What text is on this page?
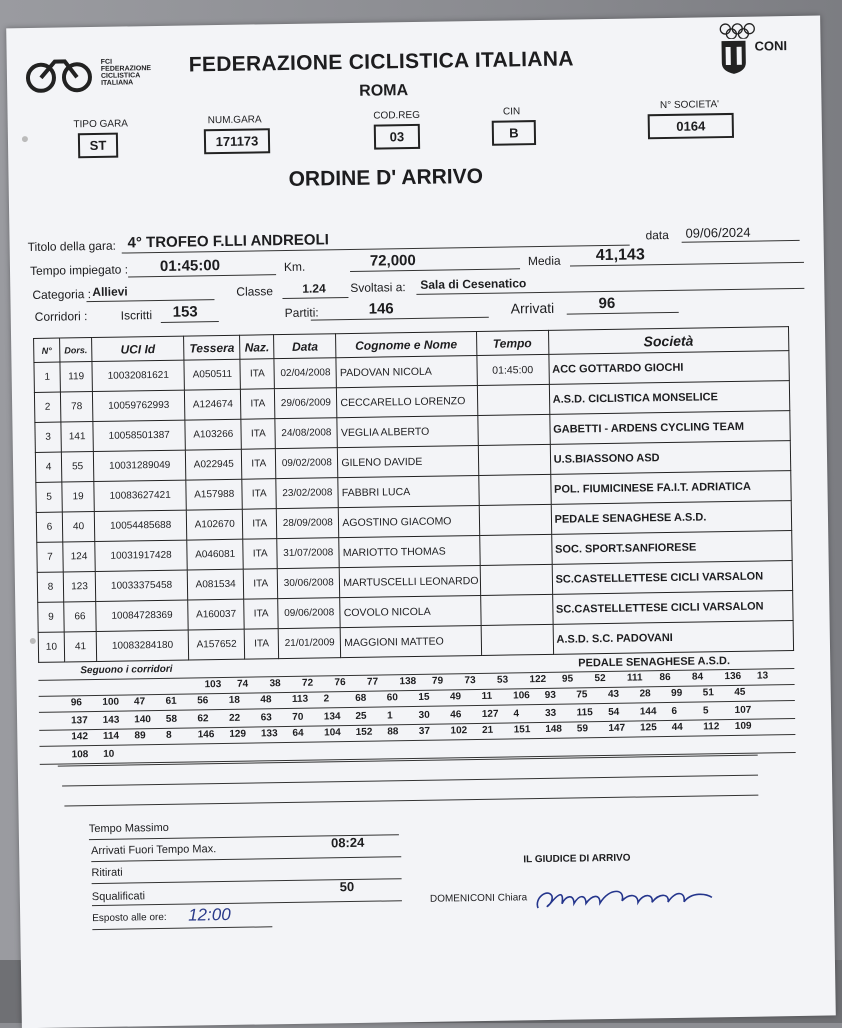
FCI
FEDERAZIONE
CICLISTICA
ITALIANA
FEDERAZIONE CICLISTICA ITALIANA
ROMA
CONI
TIPO GARA
ST
NUM.GARA
171173
COD.REG
03
CIN
B
N° SOCIETA'
0164
ORDINE D' ARRIVO
Titolo della gara: 4° TROFEO F.LLI ANDREOLI	data 09/06/2024
Tempo impiegato : 01:45:00	Km.	72,000	Media 41,143
Categoria : Allievi	Classe 1.24 Svoltasi a: Sala di Cesenatico
Corridori :	Iscritti 153	Partiti:	146	Arrivati	96
N°	Dors.	UCI Id	Tessera	Naz.	Data	Cognome e Nome	Tempo	Società
1	119	10032081621	A050511	ITA	02/04/2008	PADOVAN NICOLA	01:45:00	ACC GOTTARDO GIOCHI
2	78	10059762993	A124674	ITA	29/06/2009	CECCARELLO LORENZO		A.S.D. CICLISTICA MONSELICE
3	141	10058501387	A103266	ITA	24/08/2008	VEGLIA ALBERTO		GABETTI - ARDENS CYCLING TEAM
4	55	10031289049	A022945	ITA	09/02/2008	GILENO DAVIDE		U.S.BIASSONO ASD
5	19	10083627421	A157988	ITA	23/02/2008	FABBRI LUCA		POL. FIUMICINESE FA.I.T. ADRIATICA
6	40	10054485688	A102670	ITA	28/09/2008	AGOSTINO GIACOMO		PEDALE SENAGHESE A.S.D.
7	124	10031917428	A046081	ITA	31/07/2008	MARIOTTO THOMAS		SOC. SPORT.SANFIORESE
8	123	10033375458	A081534	ITA	30/06/2008	MARTUSCELLI LEONARDO		SC.CASTELLETTESE CICLI VARSALON
9	66	10084728369	A160037	ITA	09/06/2008	COVOLO NICOLA		SC.CASTELLETTESE CICLI VARSALON
10	41	10083284180	A157652	ITA	21/01/2009	MAGGIONI MATTEO		A.S.D. S.C. PADOVANI
Seguono i corridori
PEDALE SENAGHESE A.S.D.
Tempo Massimo
Arrivati Fuori Tempo Max.	08:24
Ritirati
Squalificati
50
Esposto alle ore: 12:00
IL GIUDICE DI ARRIVO
DOMENICONI Chiara
103 74 38 72 76 77 138 79 73 53 122 95 52 111 86 84 136 13
96 100 47 61 56 18 48 113 2	68 60 15 49 11 106 93 75 43 28 99 51 45
137 143 140 58 62 22 63 70 134 25 1	30 46 127 4	33 115 54 144 6	5	107
142 114 89 8	146 129 133 64 104 152 88 37 102 21 151 148 59 147 125 44 112 109
108 10
